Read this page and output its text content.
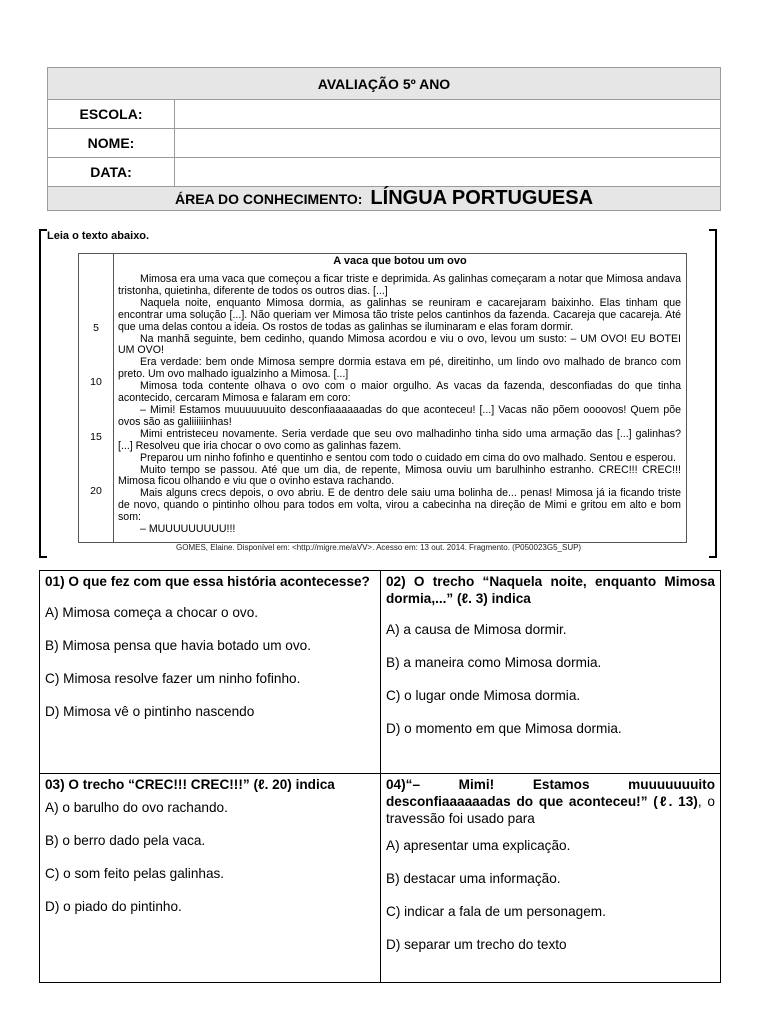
AVALIAÇÃO 5º ANO	
ESCOLA:	
NOME:	
DATA:	
ÁREA DO CONHECIMENTO: LÍNGUA PORTUGUESA	
Leia o texto abaixo.
5
10
15
20
A vaca que botou um ovo

Mimosa era uma vaca que começou a ficar triste e deprimida. As galinhas começaram a notar que Mimosa andava tristonha, quietinha, diferente de todos os outros dias. [...]

Naquela noite, enquanto Mimosa dormia, as galinhas se reuniram e cacarejaram baixinho. Elas tinham que encontrar uma solução [...]. Não queriam ver Mimosa tão triste pelos cantinhos da fazenda. Cacareja que cacareja. Até que uma delas contou a ideia. Os rostos de todas as galinhas se iluminaram e elas foram dormir.

Na manhã seguinte, bem cedinho, quando Mimosa acordou e viu o ovo, levou um susto: – UM OVO! EU BOTEI UM OVO!

Era verdade: bem onde Mimosa sempre dormia estava em pé, direitinho, um lindo ovo malhado de branco com preto. Um ovo malhado igualzinho a Mimosa. [...]

Mimosa toda contente olhava o ovo com o maior orgulho. As vacas da fazenda, desconfiadas do que tinha acontecido, cercaram Mimosa e falaram em coro:

– Mimi! Estamos muuuuuuuito desconfiaaaaaadas do que aconteceu! [...] Vacas não põem oooovos! Quem põe ovos são as galiiiiiinhas!

Mimi entristeceu novamente. Seria verdade que seu ovo malhadinho tinha sido uma armação das [...] galinhas? [...] Resolveu que iria chocar o ovo como as galinhas fazem.

Preparou um ninho fofinho e quentinho e sentou com todo o cuidado em cima do ovo malhado. Sentou e esperou.

Muito tempo se passou. Até que um dia, de repente, Mimosa ouviu um barulhinho estranho. CREC!!! CREC!!! Mimosa ficou olhando e viu que o ovinho estava rachando.

Mais alguns crecs depois, o ovo abriu. E de dentro dele saiu uma bolinha de... penas! Mimosa já ia ficando triste de novo, quando o pintinho olhou para todos em volta, virou a cabecinha na direção de Mimi e gritou em alto e bom som:

– MUUUUUUUUU!!!

GOMES, Elaine. Disponível em: <http://migre.me/aVV>. Acesso em: 13 out. 2014. Fragmento. (P050023G5_SUP)
01) O que fez com que essa história acontecesse?
A) Mimosa começa a chocar o ovo.
B) Mimosa pensa que havia botado um ovo.
C) Mimosa resolve fazer um ninho fofinho.
D) Mimosa vê o pintinho nascendo
02) O trecho “Naquela noite, enquanto Mimosa dormia,...” (ℓ. 3) indica
A) a causa de Mimosa dormir.
B) a maneira como Mimosa dormia.
C) o lugar onde Mimosa dormia.
D) o momento em que Mimosa dormia.
03) O trecho “CREC!!! CREC!!!” (ℓ. 20) indica
A) o barulho do ovo rachando.
B) o berro dado pela vaca.
C) o som feito pelas galinhas.
D) o piado do pintinho.
04)“– Mimi! Estamos muuuuuuuito desconfiaaaaaadas do que aconteceu!” (ℓ. 13), o travessão foi usado para
A) apresentar uma explicação.
B) destacar uma informação.
C) indicar a fala de um personagem.
D) separar um trecho do texto
